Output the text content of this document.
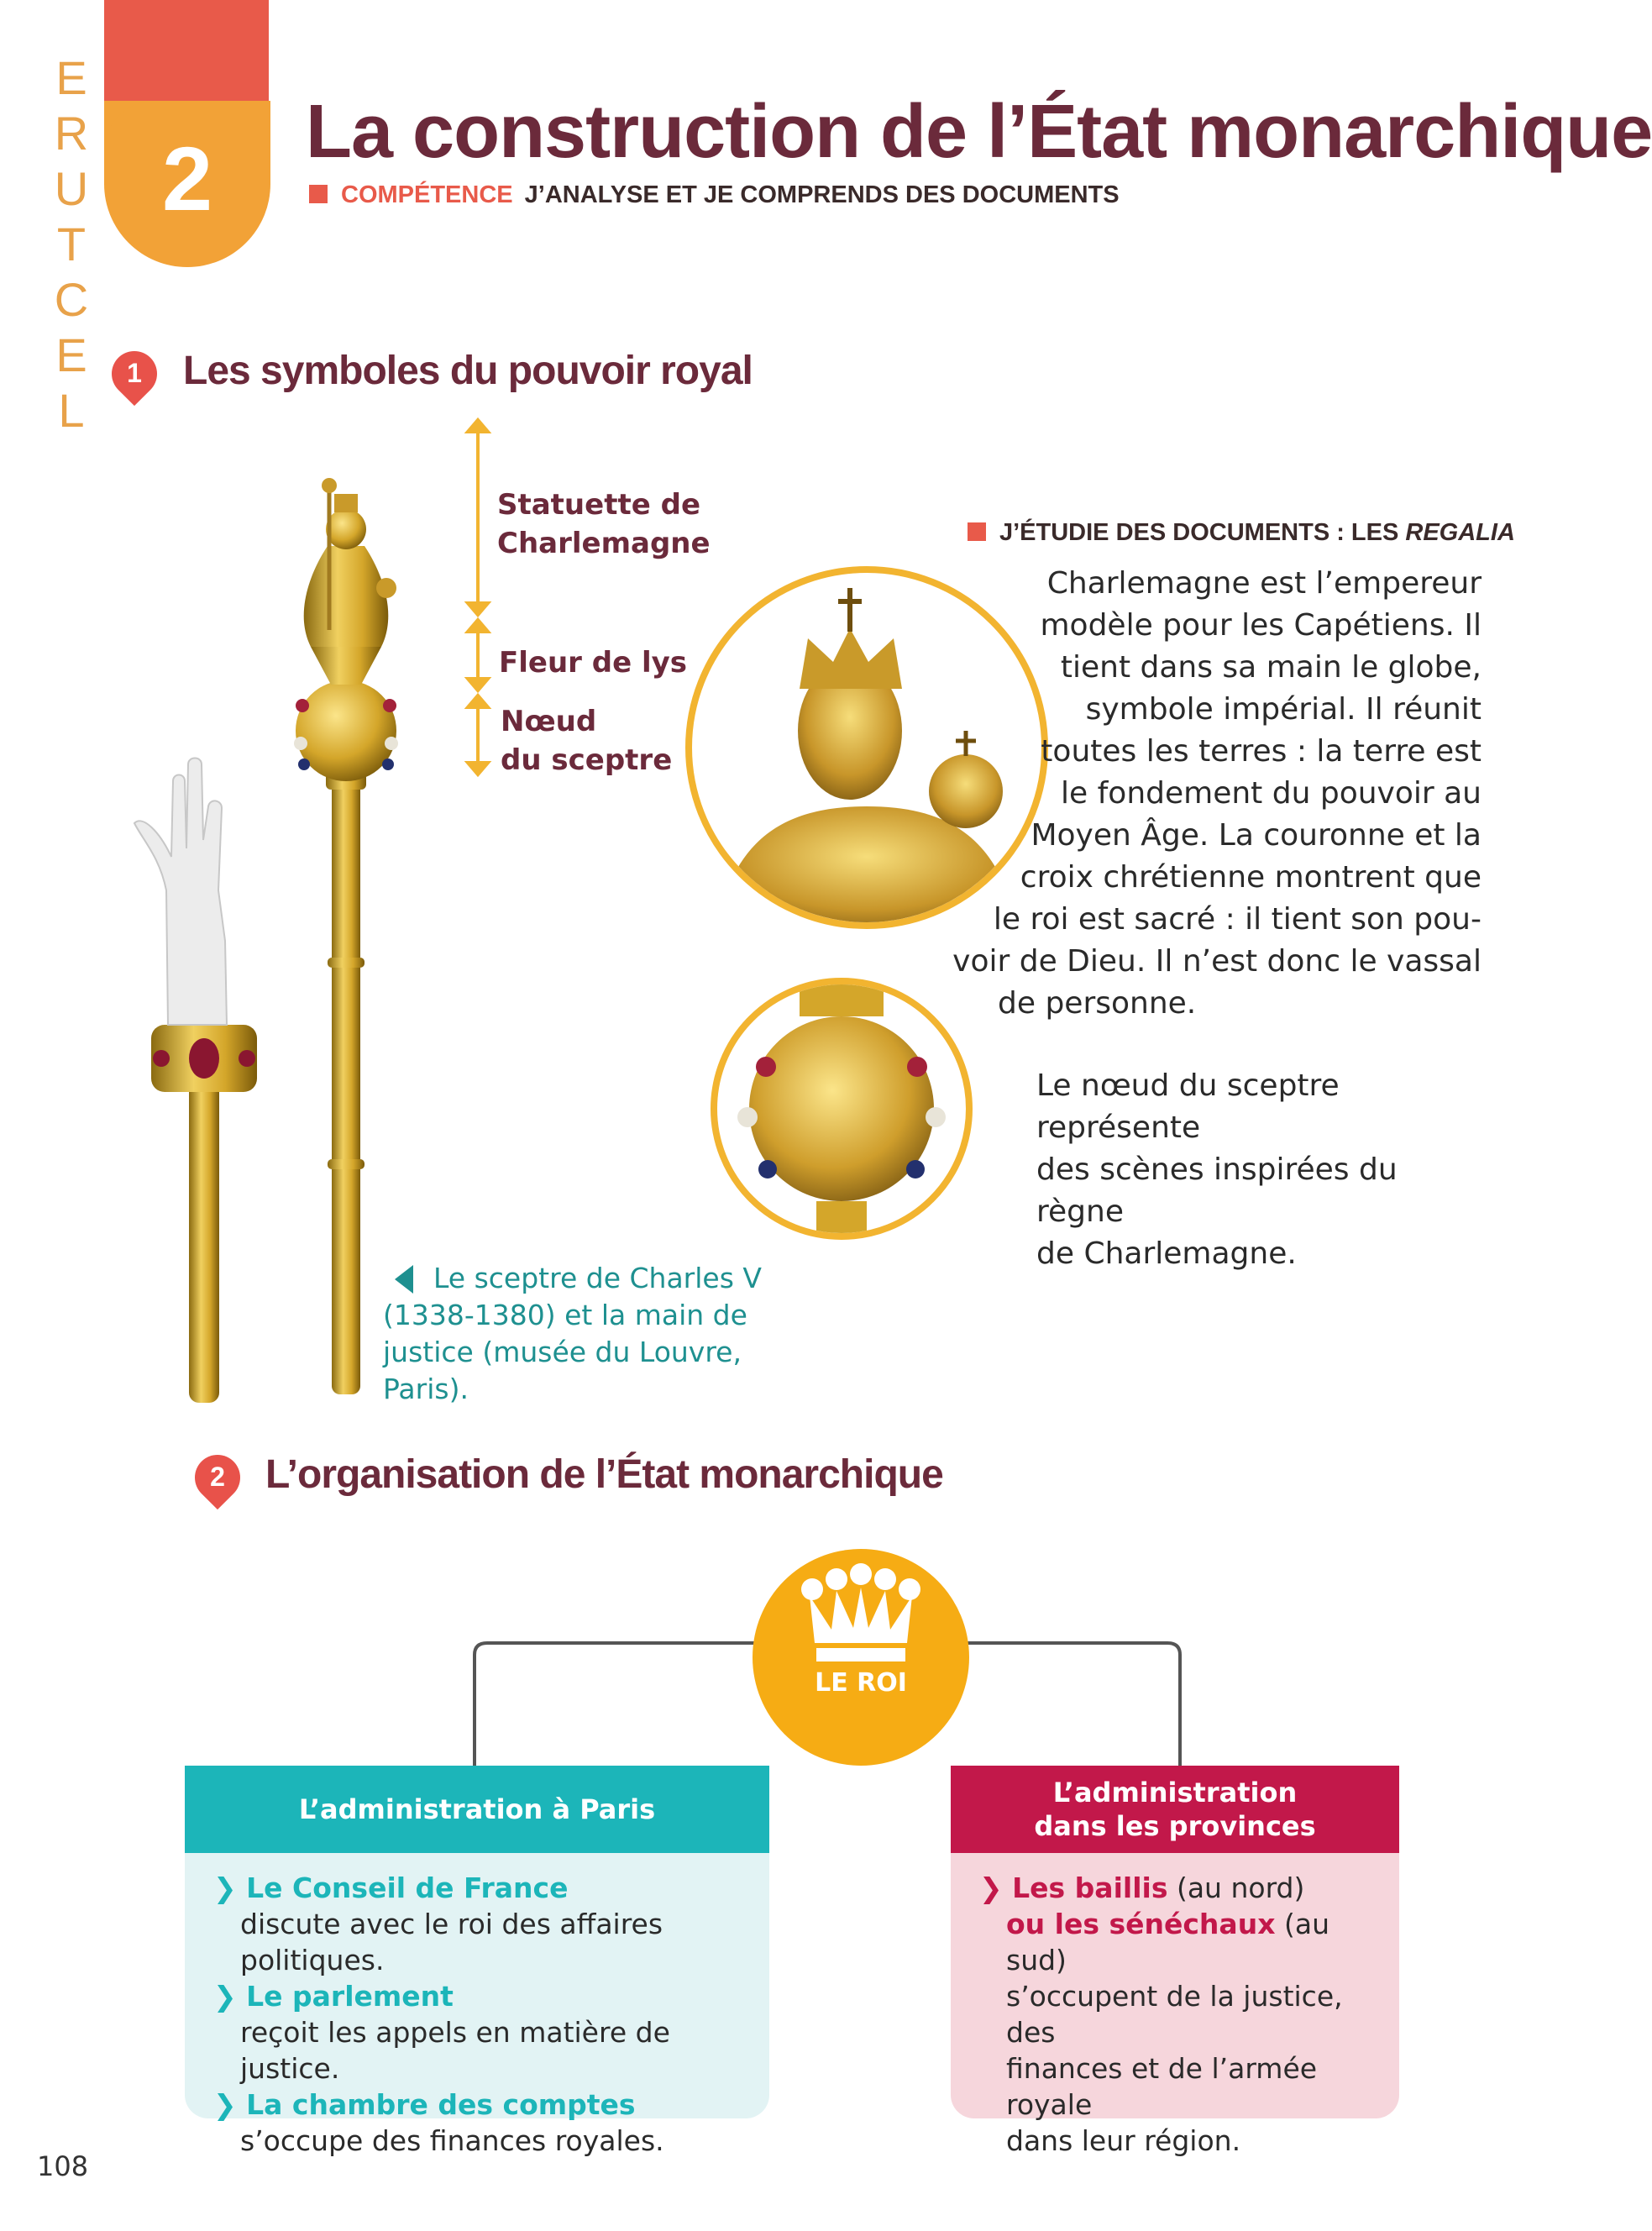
E
R
U
T
C
E
L
2	La construction de l’État monarchique
COMPÉTENCE J’ANALYSE ET JE COMPRENDS DES DOCUMENTS
1	Les symboles du pouvoir royal
Statuette de
Charlemagne
Fleur de lys
Nœud
du sceptre
Le sceptre de Charles V
(1338-1380) et la main de
justice (musée du Louvre, Paris).
J’ÉTUDIE DES DOCUMENTS : LES REGALIA
Charlemagne est l’empereur
modèle pour les Capétiens. Il
tient dans sa main le globe,
symbole impérial. Il réunit
toutes les terres : la terre est
le fondement du pouvoir au
Moyen Âge. La couronne et la
croix chrétienne montrent que
le roi est sacré : il tient son pou-
voir de Dieu. Il n’est donc le vassal
de personne.
Le nœud du sceptre représente
des scènes inspirées du règne
de Charlemagne.
2	L’organisation de l’État monarchique
LE ROI
L’administration à Paris
❯ Le Conseil de France
discute avec le roi des affaires politiques.
❯ Le parlement
reçoit les appels en matière de justice.
❯ La chambre des comptes
s’occupe des finances royales.
L’administration
dans les provinces
❯ Les baillis (au nord)
ou les sénéchaux (au sud)
s’occupent de la justice, des
finances et de l’armée royale
dans leur région.
108
